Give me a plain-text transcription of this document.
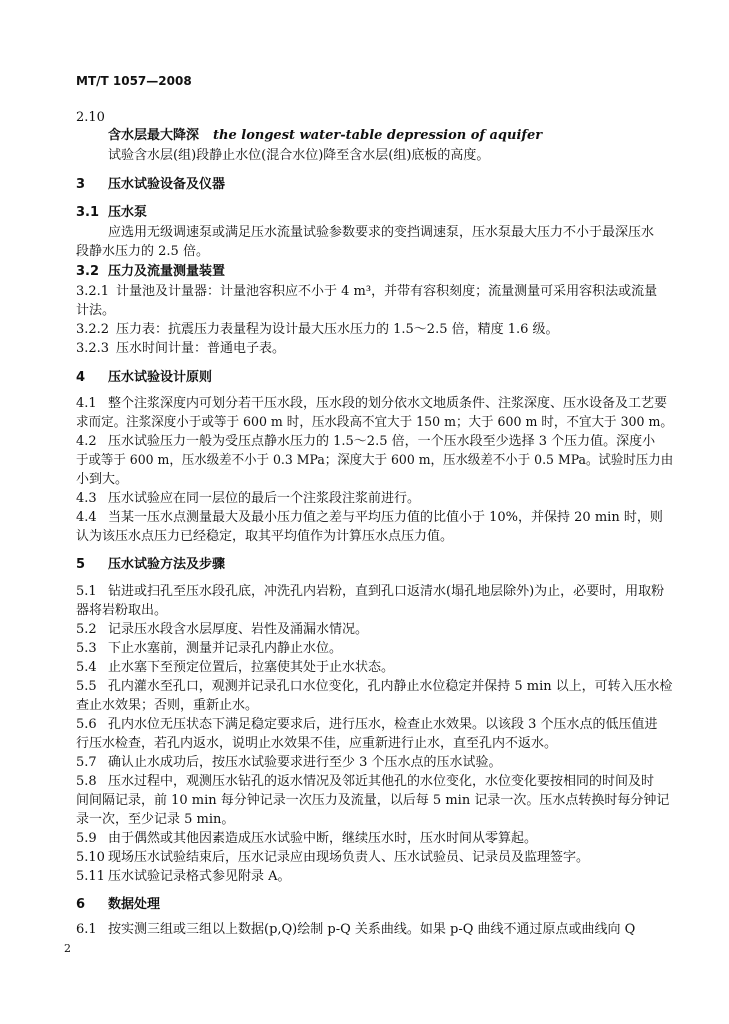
MT/T 1057—2008
2.10
含水层最大降深 the longest water-table depression of aquifer
试验含水层(组)段静止水位(混合水位)降至含水层(组)底板的高度。
3 压水试验设备及仪器
3.1 压水泵
应选用无级调速泵或满足压水流量试验参数要求的变挡调速泵，压水泵最大压力不小于最深压水
段静水压力的 2.5 倍。
3.2 压力及流量测量装置
3.2.1 计量池及计量器：计量池容积应不小于 4 m³，并带有容积刻度；流量测量可采用容积法或流量
计法。
3.2.2 压力表：抗震压力表量程为设计最大压水压力的 1.5～2.5 倍，精度 1.6 级。
3.2.3 压水时间计量：普通电子表。
4 压水试验设计原则
4.1 整个注浆深度内可划分若干压水段，压水段的划分依水文地质条件、注浆深度、压水设备及工艺要
求而定。注浆深度小于或等于 600 m 时，压水段高不宜大于 150 m；大于 600 m 时，不宜大于 300 m。
4.2 压水试验压力一般为受压点静水压力的 1.5～2.5 倍，一个压水段至少选择 3 个压力值。深度小
于或等于 600 m，压水级差不小于 0.3 MPa；深度大于 600 m，压水级差不小于 0.5 MPa。试验时压力由
小到大。
4.3 压水试验应在同一层位的最后一个注浆段注浆前进行。
4.4 当某一压水点测量最大及最小压力值之差与平均压力值的比值小于 10%，并保持 20 min 时，则
认为该压水点压力已经稳定，取其平均值作为计算压水点压力值。
5 压水试验方法及步骤
5.1 钻进或扫孔至压水段孔底，冲洗孔内岩粉，直到孔口返清水(塌孔地层除外)为止，必要时，用取粉
器将岩粉取出。
5.2 记录压水段含水层厚度、岩性及涌漏水情况。
5.3 下止水塞前，测量并记录孔内静止水位。
5.4 止水塞下至预定位置后，拉塞使其处于止水状态。
5.5 孔内灌水至孔口，观测并记录孔口水位变化，孔内静止水位稳定并保持 5 min 以上，可转入压水检
查止水效果；否则，重新止水。
5.6 孔内水位无压状态下满足稳定要求后，进行压水，检查止水效果。以该段 3 个压水点的低压值进
行压水检查，若孔内返水，说明止水效果不佳，应重新进行止水，直至孔内不返水。
5.7 确认止水成功后，按压水试验要求进行至少 3 个压水点的压水试验。
5.8 压水过程中，观测压水钻孔的返水情况及邻近其他孔的水位变化，水位变化要按相同的时间及时
间间隔记录，前 10 min 每分钟记录一次压力及流量，以后每 5 min 记录一次。压水点转换时每分钟记
录一次，至少记录 5 min。
5.9 由于偶然或其他因素造成压水试验中断，继续压水时，压水时间从零算起。
5.10 现场压水试验结束后，压水记录应由现场负责人、压水试验员、记录员及监理签字。
5.11 压水试验记录格式参见附录 A。
6 数据处理
6.1 按实测三组或三组以上数据(p,Q)绘制 p-Q 关系曲线。如果 p-Q 曲线不通过原点或曲线向 Q
2
